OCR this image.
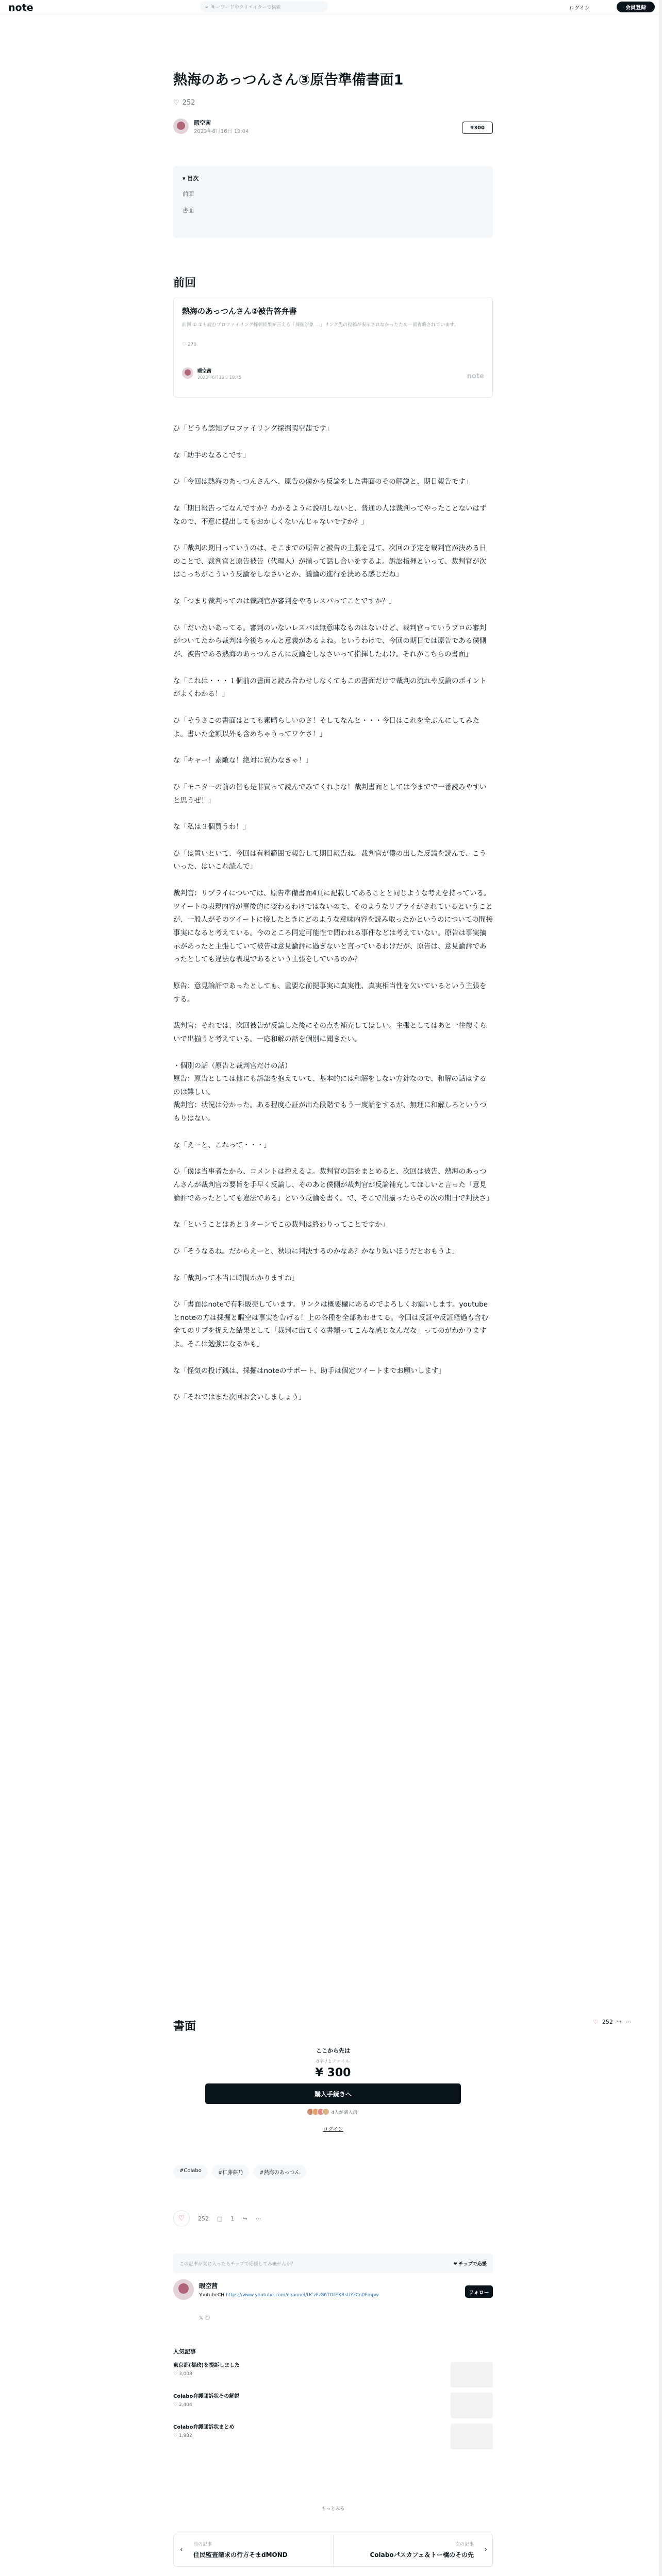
note	⌕ キーワードやクリエイターで検索	ログイン	会員登録
熱海のあっつんさん③原告準備書面1
♡ 252
暇空茜
2023年6月16日 19:04
¥300
▾ 目次
前回
書面
前回
熱海のあっつんさん②被告答弁書
前回 ① ①も読むプロファイリング採掘結果が言える「採掘対象 …」リンク先の投稿が表示されなかったため一部省略されています。
♡ 270
暇空茜
2023年6月16日 18:45	note

ひ「どうも認知プロファイリング採掘暇空茜です」

な「助手のなるこです」

ひ「今回は熱海のあっつんさんへ、原告の僕から反論をした書面のその解説と、期日報告です」

な「期日報告ってなんですか？わかるように説明しないと、普通の人は裁判ってやったことないはずなので、不意に提出してもおかしくないんじゃないですか？」

ひ「裁判の期日っていうのは、そこまでの原告と被告の主張を見て、次回の予定を裁判官が決める日のことで、裁判官と原告被告（代理人）が揃って話し合いをするよ。訴訟指揮といって、裁判官が次はこっちがこういう反論をしなさいとか、議論の進行を決める感じだね」

な「つまり裁判ってのは裁判官が審判をやるレスバってことですか？」

ひ「だいたいあってる。審判のいないレスバは無意味なものはないけど、裁判官っていうプロの審判がついてたから裁判は今後ちゃんと意義があるよね。というわけで、今回の期日では原告である僕側が、被告である熱海のあっつんさんに反論をしなさいって指揮したわけ。それがこちらの書面」

な「これは・・・１個前の書面と読み合わせしなくてもこの書面だけで裁判の流れや反論のポイントがよくわかる！」

ひ「そうさこの書面はとても素晴らしいのさ！そしてなんと・・・今日はこれを全ぶんにしてみたよ。書いた金額以外も含めちゃうってワケさ！」

な「キャー！素敵な！絶対に買わなきゃ！」

ひ「モニターの前の皆も是非買って読んでみてくれよな！裁判書面としては今までで一番読みやすいと思うぜ！」

な「私は３個買うわ！」

ひ「は置いといて、今回は有料範囲で報告して期日報告ね。裁判官が僕の出した反論を読んで、こういった、はいこれ読んで」

裁判官：リプライについては、原告準備書面4頁に記載してあることと同じような考えを持っている。ツイートの表現内容が事後的に変わるわけではないので、そのようなリプライがされているということが、一般人がそのツイートに接したときにどのような意味内容を読み取ったかというのについての間接事実になると考えている。今のところ同定可能性で問われる事件などは考えていない。原告は事実摘示があったと主張していて被告は意見論評に過ぎないと言っているわけだが、原告は、意見論評であったとしても違法な表現であるという主張をしているのか？

原告：意見論評であったとしても、重要な前提事実に真実性、真実相当性を欠いているという主張をする。

裁判官：それでは、次回被告が反論した後にその点を補充してほしい。主張としてはあと一往復くらいで出揃うと考えている。一応和解の話を個別に聞きたい。

・個別の話（原告と裁判官だけの話）
原告：原告としては他にも訴訟を抱えていて、基本的には和解をしない方針なので、和解の話はするのは難しい。
裁判官：状況は分かった。ある程度心証が出た段階でもう一度話をするが、無理に和解しろというつもりはない。

な「えーと、これって・・・」

ひ「僕は当事者たから、コメントは控えるよ。裁判官の話をまとめると、次回は被告、熱海のあっつんさんが裁判官の要旨を手早く反論し、そのあと僕側が裁判官が反論補充してほしいと言った「意見論評であったとしても違法である」という反論を書く。で、そこで出揃ったらその次の期日で判決さ」

な「ということはあと３ターンでこの裁判は終わりってことですか」

ひ「そうなるね。だからえーと、秋頃に判決するのかなあ？かなり短いほうだとおもうよ」

な「裁判って本当に時間かかりますね」

ひ「書面はnoteで有料販売しています。リンクは概要欄にあるのでよろしくお願いします。youtubeとnoteの方は採掘と暇空は事実を告げる！上の各種を全部あわせてる。今回は反証や反証経過も含む全てのリプを捉えた結果として「裁判に出てくる書類ってこんな感じなんだな」ってのがわかりますよ。そこは勉強になるかも」

な「怪気の投げ銭は、採掘はnoteのサポート、助手は個定ツイートまでお願いします」

ひ「それではまた次回お会いしましょう」

書面	♡ 252 ↪ ⋯
ここから先は
0字 / 1ファイル
¥ 300
購入手続きへ
4人が購入済
ログイン
#Colabo	#仁藤夢乃	#熱海のあっつん
♡	252 □ 1 ↪ ⋯
この記事が気に入ったらチップで応援してみませんか？	❤ チップで応援
暇空茜
YoutubeCH https://www.youtube.com/channel/UCzFz86TOtEXRsUYzCn0Fmpw
𝕏 ⓝ
フォロー
人気記事
東京都(都政)を提訴しました
♡ 3,008
Colabo弁護団訴状その解説
♡ 2,404
Colabo弁護団訴状まとめ
♡ 1,982
もっとみる
‹
前の記事
住民監査請求の行方そまdMOND
›
次の記事
Colaboパスカフェ＆トー橋のその先
